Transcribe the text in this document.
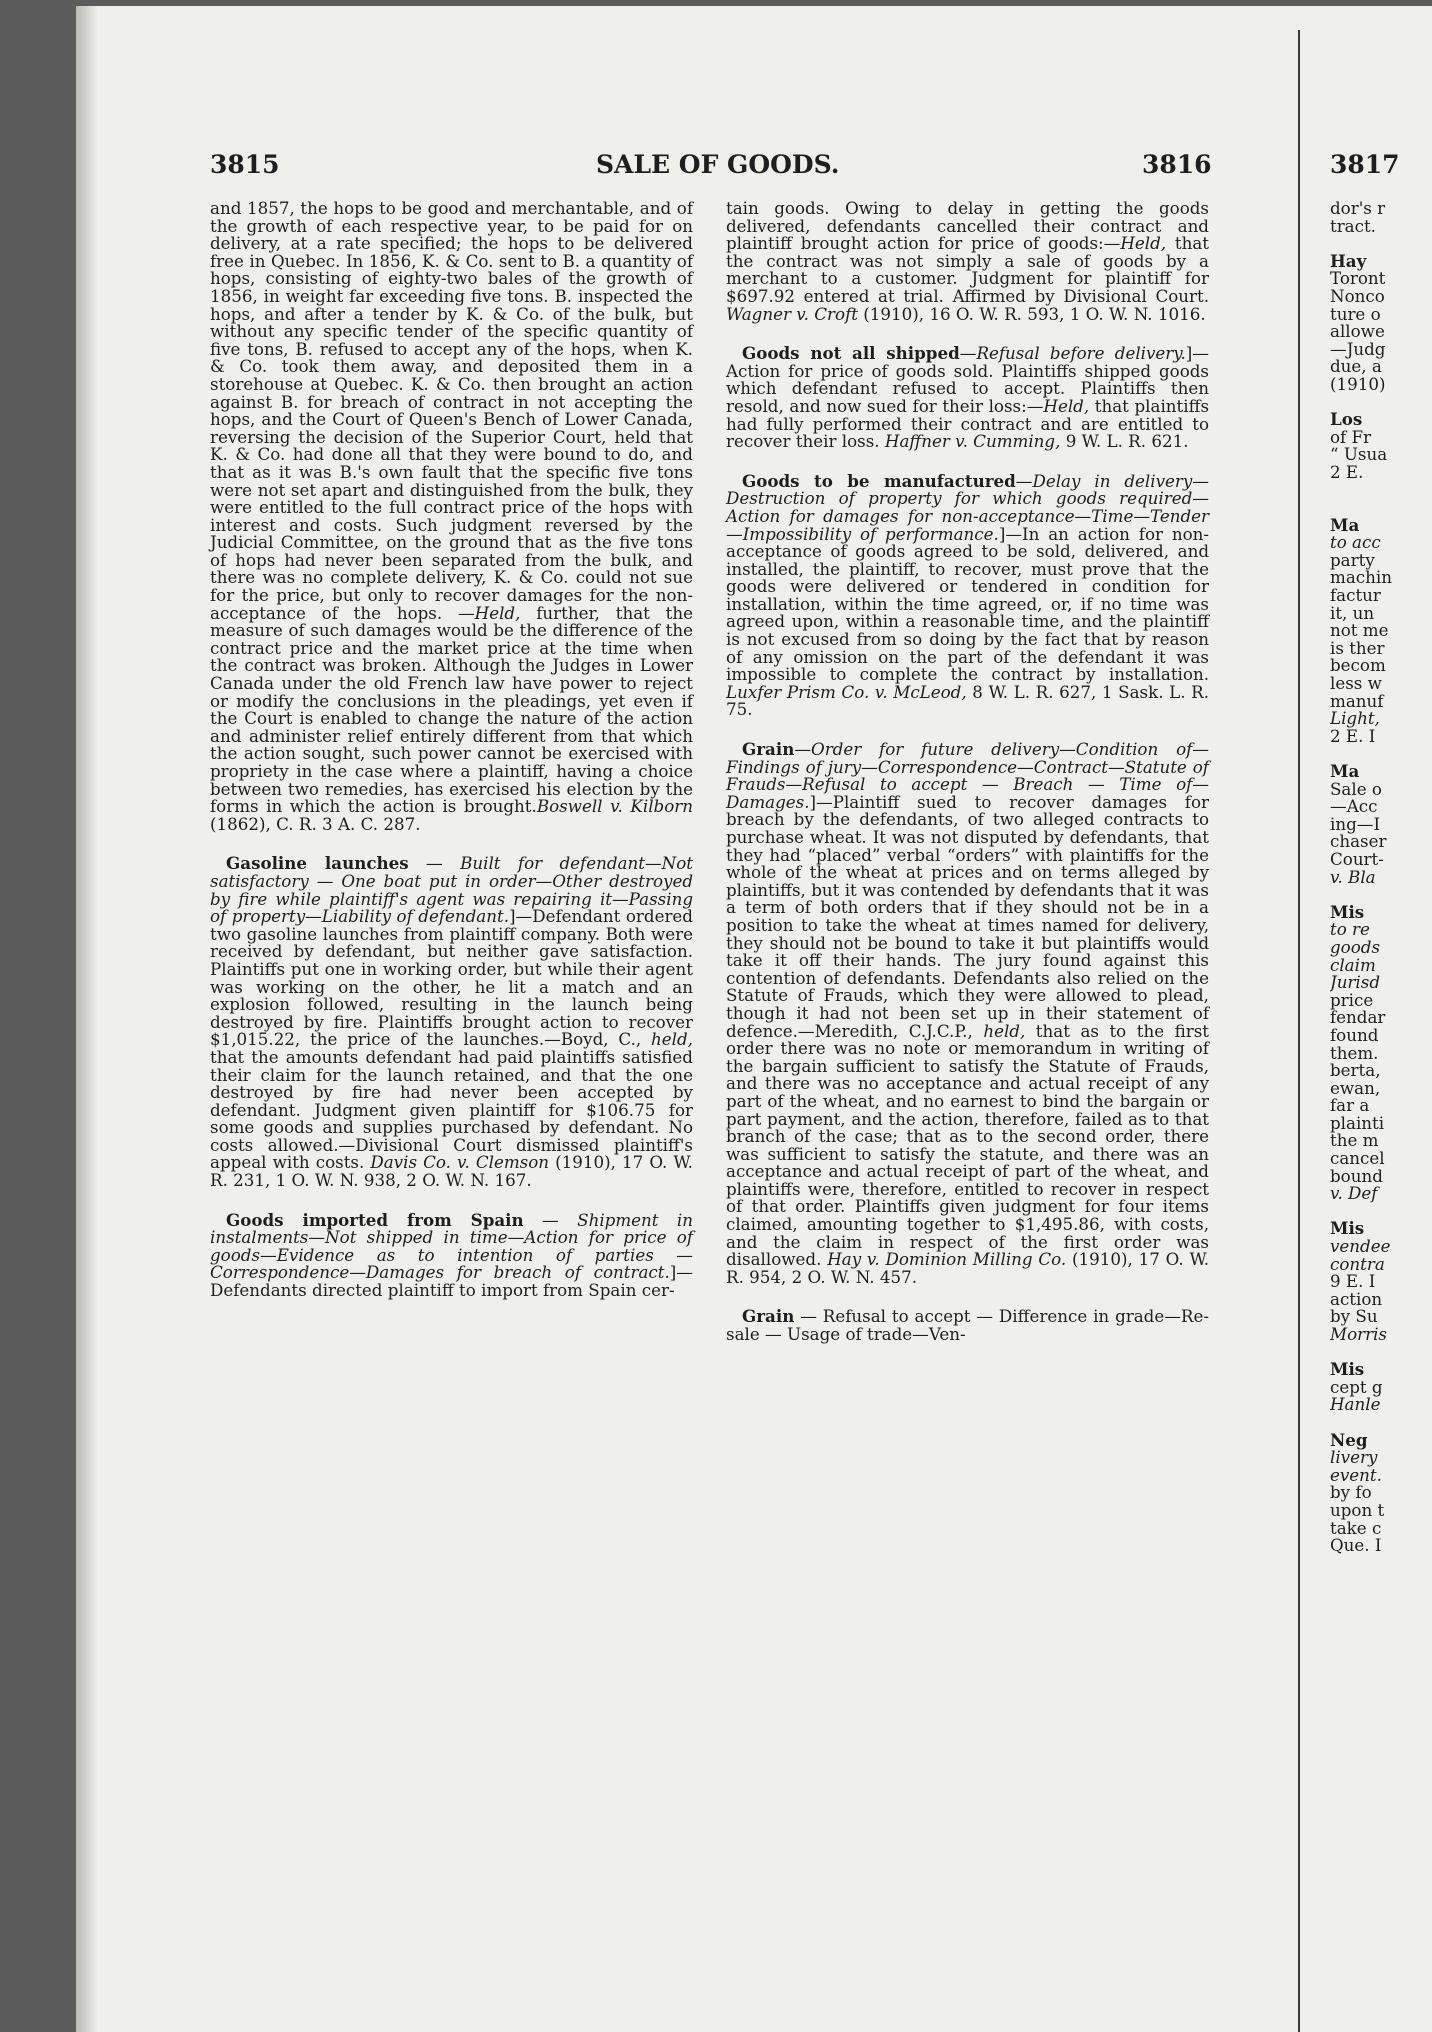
3815	SALE OF GOODS.	3816	3817

and 1857, the hops to be good and merchantable, and of the growth of each respective year, to be paid for on delivery, at a rate specified; the hops to be delivered free in Quebec. In 1856, K. & Co. sent to B. a quantity of hops, consisting of eighty-two bales of the growth of 1856, in weight far exceeding five tons. B. inspected the hops, and after a tender by K. & Co. of the bulk, but without any specific tender of the specific quantity of five tons, B. refused to accept any of the hops, when K. & Co. took them away, and deposited them in a storehouse at Quebec. K. & Co. then brought an action against B. for breach of contract in not accepting the hops, and the Court of Queen's Bench of Lower Canada, reversing the decision of the Superior Court, held that K. & Co. had done all that they were bound to do, and that as it was B.'s own fault that the specific five tons were not set apart and distinguished from the bulk, they were entitled to the full contract price of the hops with interest and costs. Such judgment reversed by the Judicial Committee, on the ground that as the five tons of hops had never been separated from the bulk, and there was no complete delivery, K. & Co. could not sue for the price, but only to recover damages for the non-acceptance of the hops. —Held, further, that the measure of such damages would be the difference of the contract price and the market price at the time when the contract was broken. Although the Judges in Lower Canada under the old French law have power to reject or modify the conclusions in the pleadings, yet even if the Court is enabled to change the nature of the action and administer relief entirely different from that which the action sought, such power cannot be exercised with propriety in the case where a plaintiff, having a choice between two remedies, has exercised his election by the forms in which the action is brought.Boswell v. Kilborn (1862), C. R. 3 A. C. 287.

Gasoline launches — Built for defendant—Not satisfactory — One boat put in order—Other destroyed by fire while plaintiff's agent was repairing it—Passing of property—Liability of defendant.]—Defendant ordered two gasoline launches from plaintiff company. Both were received by defendant, but neither gave satisfaction. Plaintiffs put one in working order, but while their agent was working on the other, he lit a match and an explosion followed, resulting in the launch being destroyed by fire. Plaintiffs brought action to recover $1,015.22, the price of the launches.—Boyd, C., held, that the amounts defendant had paid plaintiffs satisfied their claim for the launch retained, and that the one destroyed by fire had never been accepted by defendant. Judgment given plaintiff for $106.75 for some goods and supplies purchased by defendant. No costs allowed.—Divisional Court dismissed plaintiff's appeal with costs. Davis Co. v. Clemson (1910), 17 O. W. R. 231, 1 O. W. N. 938, 2 O. W. N. 167.

Goods imported from Spain — Shipment in instalments—Not shipped in time—Action for price of goods—Evidence as to intention of parties — Correspondence—Damages for breach of contract.]—Defendants directed plaintiff to import from Spain cer-

tain goods. Owing to delay in getting the goods delivered, defendants cancelled their contract and plaintiff brought action for price of goods:—Held, that the contract was not simply a sale of goods by a merchant to a customer. Judgment for plaintiff for $697.92 entered at trial. Affirmed by Divisional Court. Wagner v. Croft (1910), 16 O. W. R. 593, 1 O. W. N. 1016.

Goods not all shipped—Refusal before delivery.]—Action for price of goods sold. Plaintiffs shipped goods which defendant refused to accept. Plaintiffs then resold, and now sued for their loss:—Held, that plaintiffs had fully performed their contract and are entitled to recover their loss. Haffner v. Cumming, 9 W. L. R. 621.

Goods to be manufactured—Delay in delivery—Destruction of property for which goods required—Action for damages for non-acceptance—Time—Tender—Impossibility of performance.]—In an action for non-acceptance of goods agreed to be sold, delivered, and installed, the plaintiff, to recover, must prove that the goods were delivered or tendered in condition for installation, within the time agreed, or, if no time was agreed upon, within a reasonable time, and the plaintiff is not excused from so doing by the fact that by reason of any omission on the part of the defendant it was impossible to complete the contract by installation. Luxfer Prism Co. v. McLeod, 8 W. L. R. 627, 1 Sask. L. R. 75.

Grain—Order for future delivery—Condition of—Findings of jury—Correspondence—Contract—Statute of Frauds—Refusal to accept — Breach — Time of—Damages.]—Plaintiff sued to recover damages for breach by the defendants, of two alleged contracts to purchase wheat. It was not disputed by defendants, that they had “placed” verbal “orders” with plaintiffs for the whole of the wheat at prices and on terms alleged by plaintiffs, but it was contended by defendants that it was a term of both orders that if they should not be in a position to take the wheat at times named for delivery, they should not be bound to take it but plaintiffs would take it off their hands. The jury found against this contention of defendants. Defendants also relied on the Statute of Frauds, which they were allowed to plead, though it had not been set up in their statement of defence.—Meredith, C.J.C.P., held, that as to the first order there was no note or memorandum in writing of the bargain sufficient to satisfy the Statute of Frauds, and there was no acceptance and actual receipt of any part of the wheat, and no earnest to bind the bargain or part payment, and the action, therefore, failed as to that branch of the case; that as to the second order, there was sufficient to satisfy the statute, and there was an acceptance and actual receipt of part of the wheat, and plaintiffs were, therefore, entitled to recover in respect of that order. Plaintiffs given judgment for four items claimed, amounting together to $1,495.86, with costs, and the claim in respect of the first order was disallowed. Hay v. Dominion Milling Co. (1910), 17 O. W. R. 954, 2 O. W. N. 457.

Grain — Refusal to accept — Difference in grade—Re-sale — Usage of trade—Ven-

dor's r
tract.
Hay
Toront
Nonco
ture o
allowe
—Judg
due, a
(1910)
Los
of Fr
“ Usua
2 E.
Ma
to acc
party
machin
factur
it, un
not me
is ther
becom
less w
manuf
Light,
2 E. I
Ma
Sale o
—Acc
ing—I
chaser
Court-
v. Bla
Mis
to re
goods
claim
Jurisd
price
fendar
found
them.
berta,
ewan,
far a
plainti
the m
cancel
bound
v. Def
Mis
vendee
contra
9 E. I
action
by Su
Morris
Mis
cept g
Hanle
Neg
livery
event.
by fo
upon t
take c
Que. I
